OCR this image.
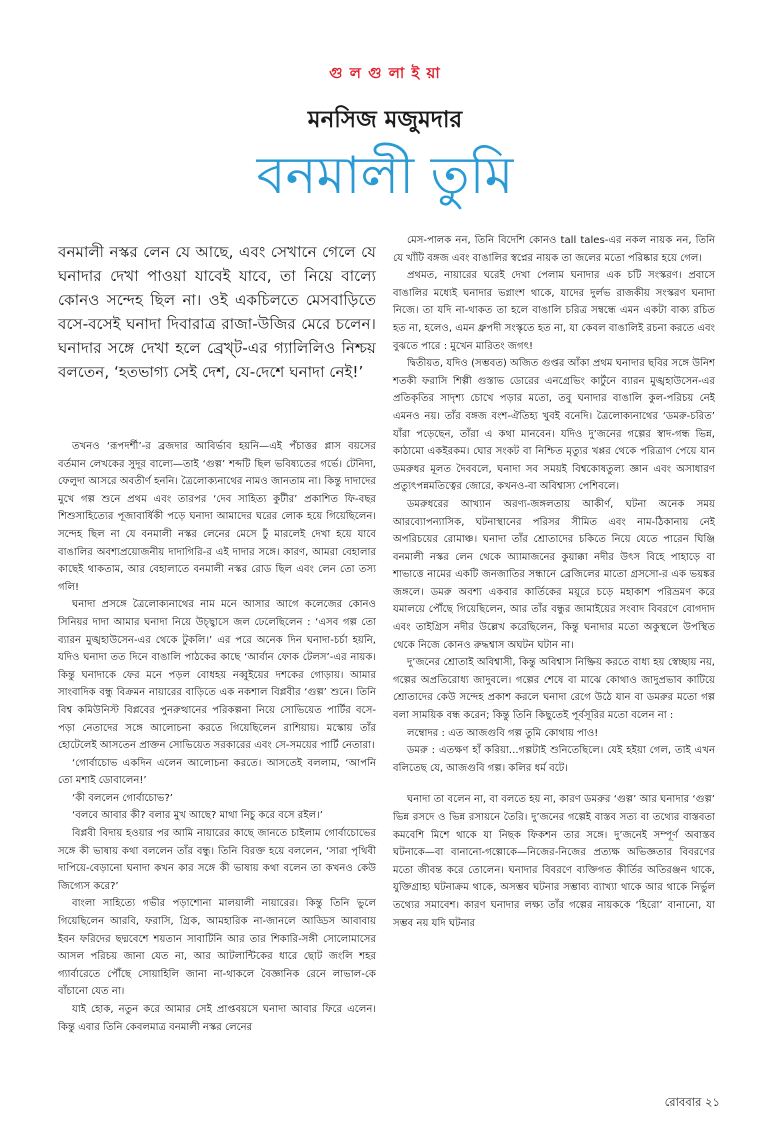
গু ল গু লা ই য়া
মনসিজ মজুমদার
বনমালী তুমি
বনমালী নস্কর লেন যে আছে, এবং সেখানে গেলে যে ঘনাদার দেখা পাওয়া যাবেই যাবে, তা নিয়ে বাল্যে কোনও সন্দেহ ছিল না। ওই একচিলতে মেসবাড়িতে বসে-বসেই ঘনাদা দিবারাত্র রাজা-উজির মেরে চলেন। ঘনাদার সঙ্গে দেখা হলে ব্রেখ্‌ট-এর গ্যালিলিও নিশ্চয় বলতেন, ‘হতভাগ্য সেই দেশ, যে-দেশে ঘনাদা নেই!’

তখনও ‘রূপদর্শী’-র ব্রজদার আবির্ভাব হয়নি—এই পঁচাত্তর প্লাস বয়সের বর্তমান লেখকের সুদূর বাল্যে—তাই ‘গুল্প’ শব্দটি ছিল ভবিষ্যতের গর্ভে। টেনিদা, ফেলুদা আসরে অবতীর্ণ হননি। ত্রৈলোক্যনাথের নামও জানতাম না। কিন্তু দাদাদের মুখে গল্প শুনে প্রথম এবং তারপর ‘দেব সাহিত্য কুটীর’ প্রকাশিত ফি-বছর শিশুসাহিত্যের পূজাবার্ষিকী পড়ে ঘনাদা আমাদের ঘরের লোক হয়ে গিয়েছিলেন। সন্দেহ ছিল না যে বনমালী নস্কর লেনের মেসে ঢুঁ মারলেই দেখা হয়ে যাবে বাঙালির অবশ্যপ্রয়োজনীয় দাদাগিরি-র এই দাদার সঙ্গে। কারণ, আমরা বেহালার কাছেই থাকতাম, আর বেহালাতে বনমালী নস্কর রোড ছিল এবং লেন তো তস্য গলি!

ঘনাদা প্রসঙ্গে ত্রৈলোক্যনাথের নাম মনে আসার আগে কলেজের কোনও সিনিয়র দাদা আমার ঘনাদা নিয়ে উচ্ছ্বাসে জল ঢেলেছিলেন : ‘এসব গল্প তো ব্যারন মুঙ্খহাউসেন-এর থেকে টুকলি।’ এর পরে অনেক দিন ঘনাদা-চর্চা হয়নি, যদিও ঘনাদা তত দিনে বাঙালি পাঠকের কাছে ‘আর্বান ফোক টেলস’-এর নায়ক। কিন্তু ঘনাদাকে ফের মনে পড়ল বোধহয় নব্বুইয়ের দশকের গোড়ায়। আমার সাংবাদিক বন্ধু বিক্রমন নায়ারের বাড়িতে এক নকশাল বিপ্লবীর ‘গুল্প’ শুনে। তিনি বিশ্ব কমিউনিস্ট বিপ্লবের পুনরুত্থানের পরিকল্পনা নিয়ে সোভিয়েত পার্টির বসে-পড়া নেতাদের সঙ্গে আলোচনা করতে গিয়েছিলেন রাশিয়ায়। মস্কোয় তাঁর হোটেলেই আসতেন প্রাক্তন সোভিয়েত সরকারের এবং সে-সময়ের পার্টি নেতারা।

‘গোর্বাচোভ একদিন এলেন আলোচনা করতে। আসতেই বললাম, ‘আপনি তো মশাই ডোবালেন!’

‘কী বললেন গোর্বাচোভ?’

‘বলবে আবার কী? বলার মুখ আছে? মাথা নিচু করে বসে রইল।’

বিপ্লবী বিদায় হওয়ার পর আমি নায়ারের কাছে জানতে চাইলাম গোর্বাচোভের সঙ্গে কী ভাষায় কথা বললেন তাঁর বন্ধু। তিনি বিরক্ত হয়ে বললেন, ‘সারা পৃথিবী দাপিয়ে-বেড়ানো ঘনাদা কখন কার সঙ্গে কী ভাষায় কথা বলেন তা কখনও কেউ জিগ্যেস করে?’

বাংলা সাহিত্যে গভীর পড়াশোনা মালয়ালী নায়ারের। কিন্তু তিনি ভুলে গিয়েছিলেন আরবি, ফরাসি, গ্রিক, আমহারিক না-জানলে আড্ডিস আবাবায় ইবন ফরিদের ছদ্মবেশে শয়তান সাবাটিনি আর তার শিকারি-সঙ্গী সোলোমাসের আসল পরিচয় জানা যেত না, আর আটলান্টিকের ধারে ছোট জংলি শহর গ্যার্বারেতে পৌঁছে সোয়াহিলি জানা না-থাকলে বৈজ্ঞানিক রেনে লাভাল-কে বাঁচানো যেত না।

যাই হোক, নতুন করে আমার সেই প্রাপ্তবয়সে ঘনাদা আবার ফিরে এলেন। কিন্তু এবার তিনি কেবলমাত্র বনমালী নস্কর লেনের

মেস-পালক নন, তিনি বিদেশি কোনও tall tales-এর নকল নায়ক নন, তিনি যে খাঁটি বঙ্গজ এবং বাঙালির স্বপ্নের নায়ক তা জলের মতো পরিষ্কার হয়ে গেল।

প্রথমত, নায়ারের ঘরেই দেখা পেলাম ঘনাদার এক চটি সংস্করণ। প্রবাসে বাঙালির মধ্যেই ঘনাদার ভগ্নাংশ থাকে, যাদের দুর্লভ রাজকীয় সংস্করণ ঘনাদা নিজে। তা যদি না-থাকত তা হলে বাঙালি চরিত্র সম্বন্ধে এমন একটা বাক্য রচিত হত না, হলেও, এমন ধ্রুপদী সংস্কৃতে হত না, যা কেবল বাঙালিই রচনা করতে এবং বুঝতে পারে : মুখেন মারিতং জগৎ!

দ্বিতীয়ত, যদিও (সম্ভবত) অজিত গুপ্তর আঁকা প্রথম ঘনাদার ছবির সঙ্গে উনিশ শতকী ফরাসি শিল্পী গুস্তাভ ডোরের এনগ্রেভিং কার্টুনে ব্যারন মুঙ্খহাউসেন-এর প্রতিকৃতির সাদৃশ্য চোখে পড়ার মতো, তবু ঘনাদার বাঙালি কুল-পরিচয় নেই এমনও নয়। তাঁর বঙ্গজ বংশ-ঐতিহ্য খুবই বনেদি। ত্রৈলোক্যনাথের ‘ডমরু-চরিত’ যাঁরা পড়েছেন, তাঁরা এ কথা মানবেন। যদিও দু’জনের গল্পের স্বাদ-গন্ধ ভিন্ন, কাঠামো একইরকম। ঘোর সংকট বা নিশ্চিত মৃত্যুর খপ্পর থেকে পরিত্রাণ পেয়ে যান ডমরুধর মূলত দৈববলে, ঘনাদা সব সময়ই বিশ্বকোষতুল্য জ্ঞান এবং অসাধারণ প্রত্যুৎপন্নমতিত্বের জোরে, কখনও-বা অবিশ্বাস্য পেশিবলে।

ডমরুধরের আখ্যান অরণ্য-জঙ্গলতায় আকীর্ণ, ঘটনা অনেক সময় আরব্যোপন্যাসিক, ঘটনাস্থানের পরিসর সীমিত এবং নাম-ঠিকানায় নেই অপরিচয়ের রোমাঞ্চ। ঘনাদা তাঁর শ্রোতাদের চকিতে নিয়ে যেতে পারেন ঘিঞ্জি বনমালী নস্কর লেন থেকে অ্যামাজনের কুয়াক্কা নদীর উৎস বিহে পাহাড়ে বা শাভাত্তে নামের একটি জনজাতির সন্ধানে ব্রেজিলের মাতো গ্রসসো-র এক ভয়ঙ্কর জঙ্গলে। ডমরু অবশ্য একবার কার্তিকের ময়ূরে চড়ে মহাকাশ পরিভ্রমণ করে যমালয়ে পৌঁছে গিয়েছিলেন, আর তাঁর বন্ধুর জামাইয়ের সংবাদ বিবরণে বোগদাদ এবং তাইগ্রিস নদীর উল্লেখ করেছিলেন, কিন্তু ঘনাদার মতো অকুস্থলে উপস্থিত থেকে নিজে কোনও রুদ্ধশ্বাস অঘটন ঘটান না।

দু’জনের শ্রোতাই অবিশ্বাসী, কিন্তু অবিশ্বাস নিষ্ক্রিয় করতে বাধ্য হয় স্বেচ্ছায় নয়, গল্পের অপ্রতিরোধ্য জাদুবলে। গল্পের শেষে বা মাঝে কোথাও জাদুপ্রভাব কাটিয়ে শ্রোতাদের কেউ সন্দেহ প্রকাশ করলে ঘনাদা রেগে উঠে যান বা ডমরুর মতো গল্প বলা সাময়িক বন্ধ করেন; কিন্তু তিনি কিছুতেই পূর্বসূরির মতো বলেন না :

লম্বোদর : এত আজগুবি গল্প তুমি কোথায় পাও!

ডমরু : এতক্ষণ হাঁ করিয়া...গল্পটাই শুনিতেছিলে। যেই হইয়া গেল, তাই এখন বলিতেছ যে, আজগুবি গল্প। কলির ধর্ম বটে।

ঘনাদা তা বলেন না, বা বলতে হয় না, কারণ ডমরুর ‘গুল্প’ আর ঘনাদার ‘গুল্প’ ভিন্ন রসদে ও ভিন্ন রসায়নে তৈরি। দু’জনের গল্পেই বাস্তব সত্য বা তথ্যের বাস্তবতা কমবেশি মিশে থাকে যা নিছক ফিকশন তার সঙ্গে। দু’জনেই সম্পূর্ণ অবাস্তব ঘটনাকে—বা বানানো-গল্পোকে—নিজের-নিজের প্রত্যক্ষ অভিজ্ঞতার বিবরণের মতো জীবন্ত করে তোলেন। ঘনাদার বিবরণে ব্যক্তিগত কীর্তির অতিরঞ্জন থাকে, যুক্তিগ্রাহ্য ঘটনাক্রম থাকে, অসম্ভব ঘটনার সম্ভাব্য ব্যাখ্যা থাকে আর থাকে নির্ভুল তথ্যের সমাবেশ। কারণ ঘনাদার লক্ষ্য তাঁর গল্পের নায়ককে ‘হিরো’ বানানো, যা সম্ভব নয় যদি ঘটনার

রোববার ২১
